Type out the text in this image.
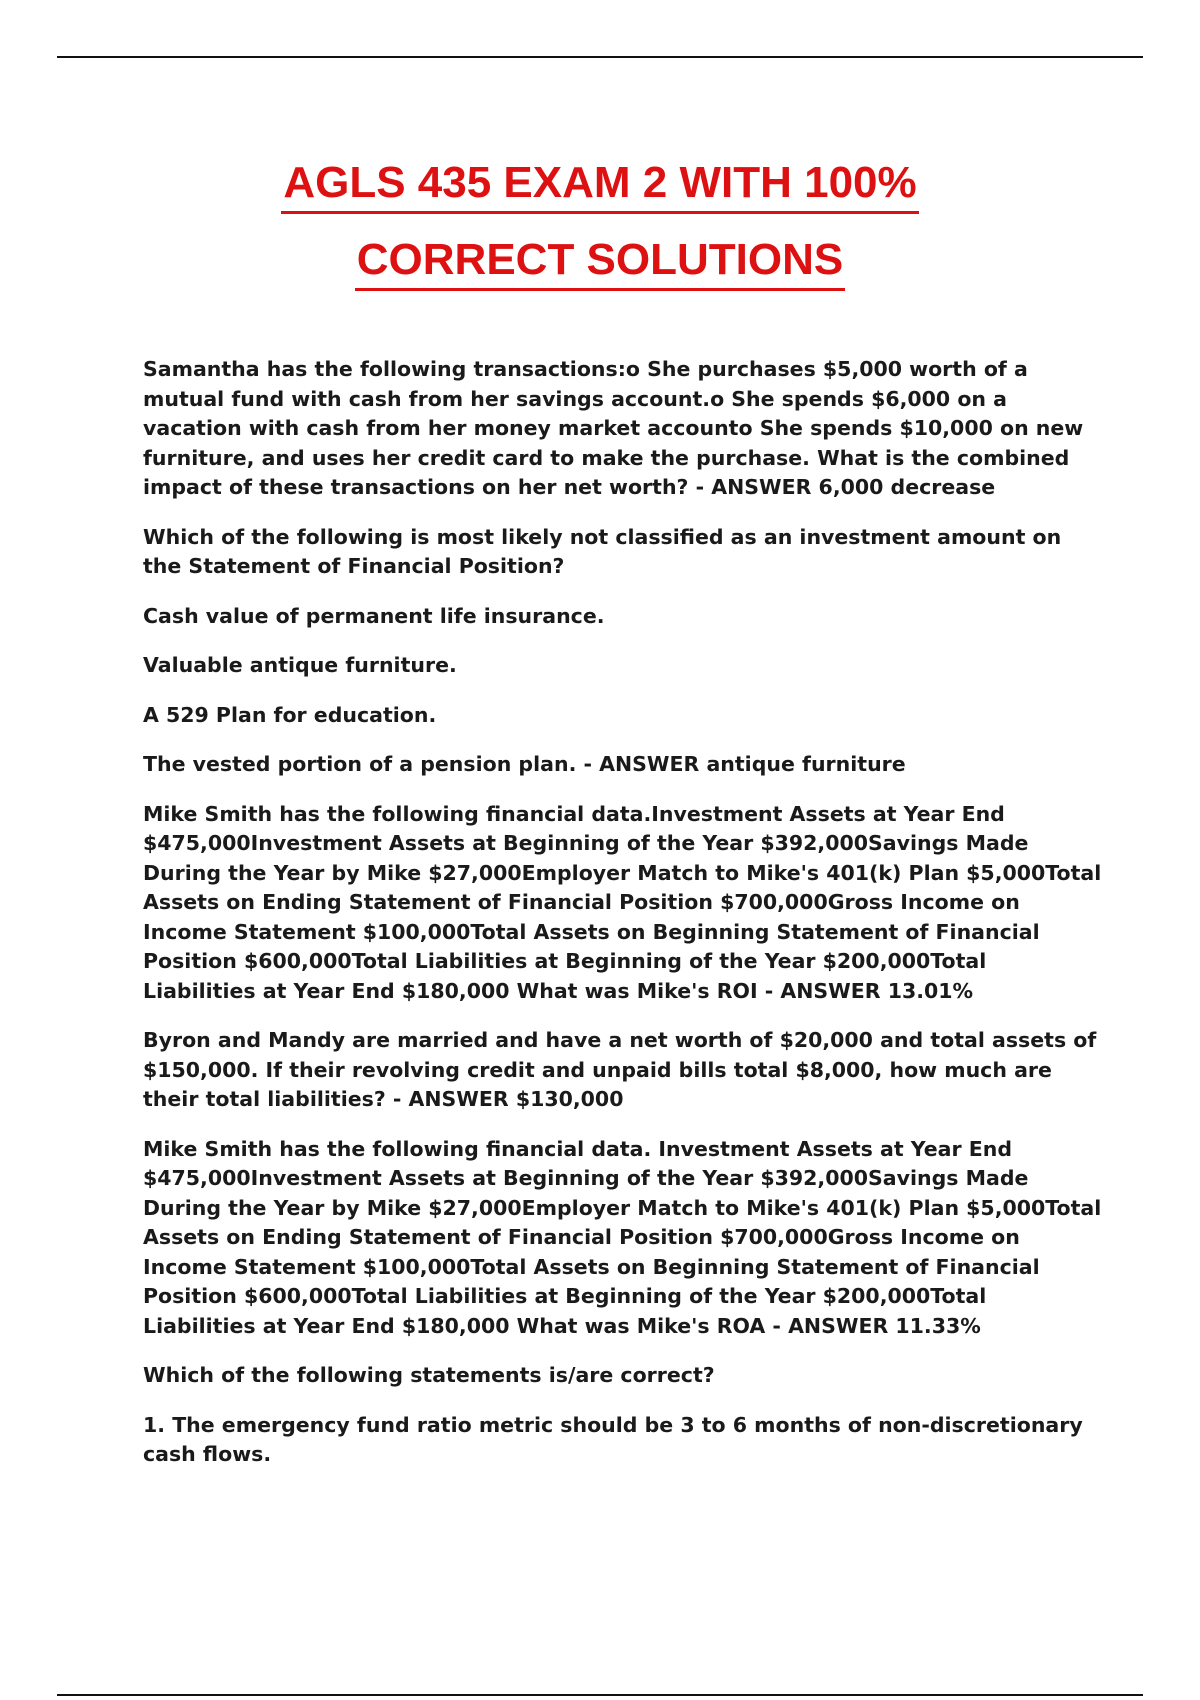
AGLS 435 EXAM 2 WITH 100%
CORRECT SOLUTIONS

Samantha has the following transactions:o She purchases $5,000 worth of a mutual fund with cash from her savings account.o She spends $6,000 on a vacation with cash from her money market accounto She spends $10,000 on new furniture, and uses her credit card to make the purchase. What is the combined impact of these transactions on her net worth? - ANSWER 6,000 decrease

Which of the following is most likely not classified as an investment amount on the Statement of Financial Position?

Cash value of permanent life insurance.

Valuable antique furniture.

A 529 Plan for education.

The vested portion of a pension plan. - ANSWER antique furniture

Mike Smith has the following financial data.Investment Assets at Year End $475,000Investment Assets at Beginning of the Year $392,000Savings Made During the Year by Mike $27,000Employer Match to Mike's 401(k) Plan $5,000Total Assets on Ending Statement of Financial Position $700,000Gross Income on Income Statement $100,000Total Assets on Beginning Statement of Financial Position $600,000Total Liabilities at Beginning of the Year $200,000Total Liabilities at Year End $180,000 What was Mike's ROI - ANSWER 13.01%

Byron and Mandy are married and have a net worth of $20,000 and total assets of $150,000. If their revolving credit and unpaid bills total $8,000, how much are their total liabilities? - ANSWER $130,000

Mike Smith has the following financial data. Investment Assets at Year End $475,000Investment Assets at Beginning of the Year $392,000Savings Made During the Year by Mike $27,000Employer Match to Mike's 401(k) Plan $5,000Total Assets on Ending Statement of Financial Position $700,000Gross Income on Income Statement $100,000Total Assets on Beginning Statement of Financial Position $600,000Total Liabilities at Beginning of the Year $200,000Total Liabilities at Year End $180,000 What was Mike's ROA - ANSWER 11.33%

Which of the following statements is/are correct?

1. The emergency fund ratio metric should be 3 to 6 months of non-discretionary cash flows.
